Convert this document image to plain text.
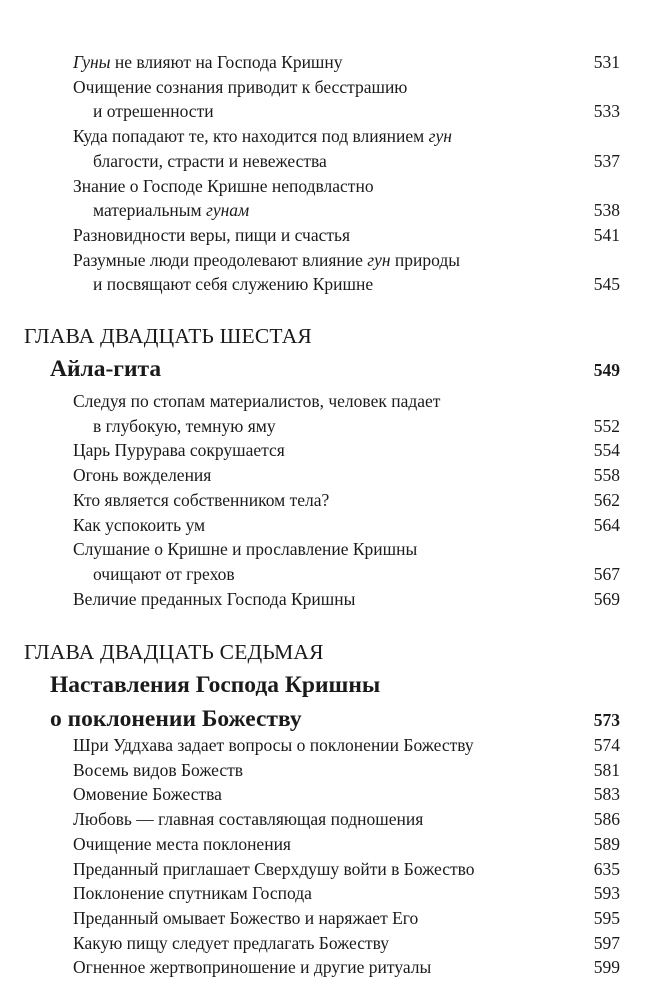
Гуны не влияют на Господа Кришну	531
Очищение сознания приводит к бесстрашию
и отрешенности	533
Куда попадают те, кто находится под влиянием гун
благости, страсти и невежества	537
Знание о Господе Кришне неподвластно
материальным гунам	538
Разновидности веры, пищи и счастья	541
Разумные люди преодолевают влияние гун природы
и посвящают себя служению Кришне	545
ГЛАВА ДВАДЦАТЬ ШЕСТАЯ
Айла-гита	549
Следуя по стопам материалистов, человек падает
в глубокую, темную яму	552
Царь Пурурава сокрушается	554
Огонь вожделения	558
Кто является собственником тела?	562
Как успокоить ум	564
Слушание о Кришне и прославление Кришны
очищают от грехов	567
Величие преданных Господа Кришны	569
ГЛАВА ДВАДЦАТЬ СЕДЬМАЯ
Наставления Господа Кришны
о поклонении Божеству	573
Шри Уддхава задает вопросы о поклонении Божеству	574
Восемь видов Божеств	581
Омовение Божества	583
Любовь — главная составляющая подношения	586
Очищение места поклонения	589
Преданный приглашает Сверхдушу войти в Божество	635
Поклонение спутникам Господа	593
Преданный омывает Божество и наряжает Его	595
Какую пищу следует предлагать Божеству	597
Огненное жертвоприношение и другие ритуалы	599
